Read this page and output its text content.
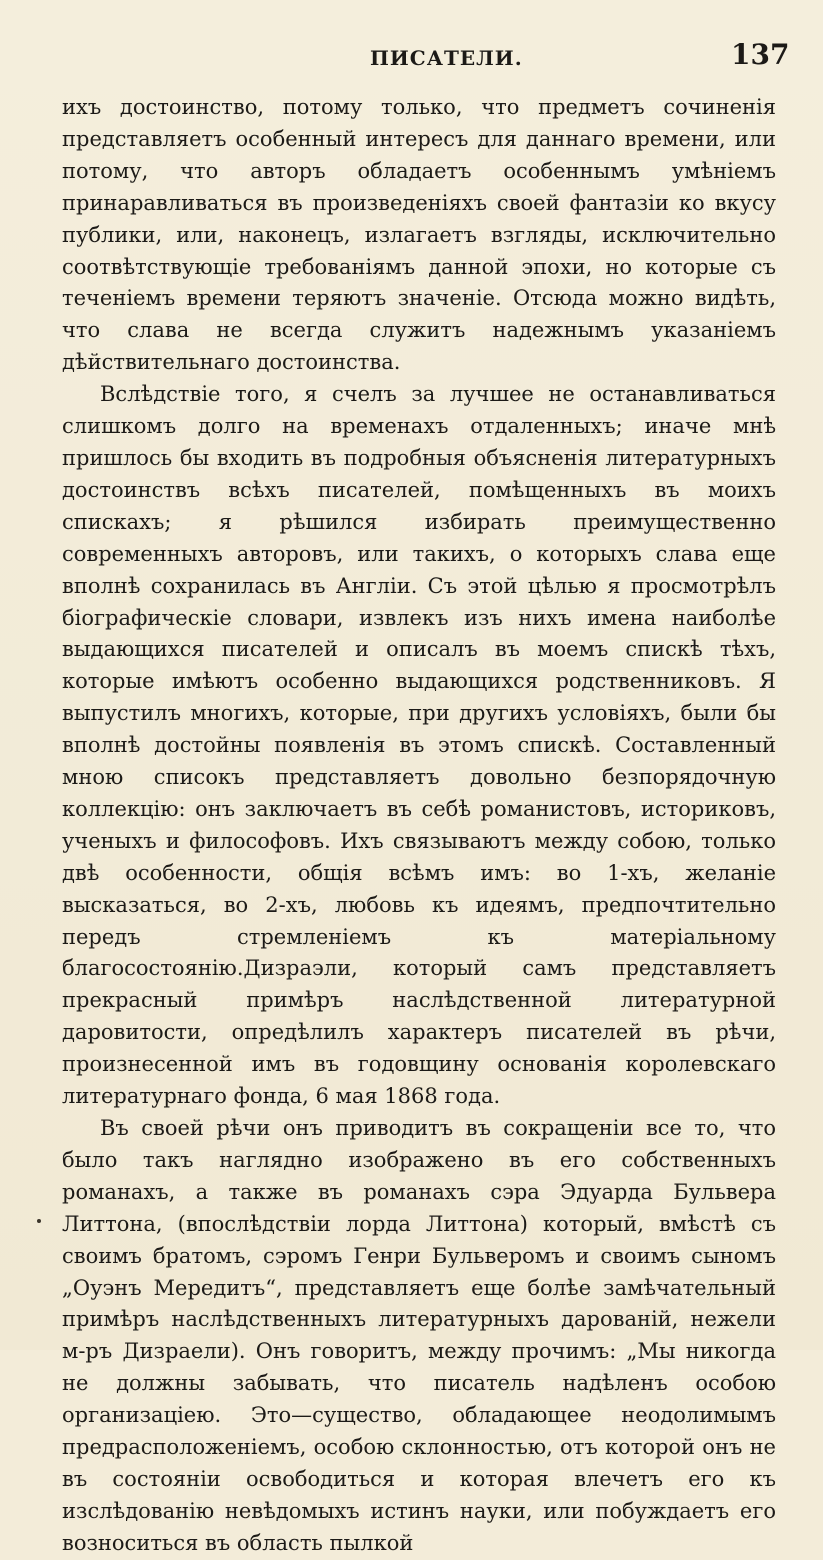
ПИСАТЕЛИ.	137

ихъ достоинство, потому только, что предметъ сочиненія представляетъ особенный интересъ для даннаго времени, или потому, что авторъ обладаетъ особеннымъ умѣніемъ принаравливаться въ произведеніяхъ своей фантазіи ко вкусу публики, или, наконецъ, излагаетъ взгляды, исключительно соотвѣтствующіе требованіямъ данной эпохи, но которые съ теченіемъ времени теряютъ значеніе. Отсюда можно видѣть, что слава не всегда служитъ надежнымъ указаніемъ дѣйствительнаго достоинства.

Вслѣдствіе того, я счелъ за лучшее не останавливаться слишкомъ долго на временахъ отдаленныхъ; иначе мнѣ пришлось бы входить въ подробныя объясненія литературныхъ достоинствъ всѣхъ писателей, помѣщенныхъ въ моихъ спискахъ; я рѣшился избирать преимущественно современныхъ авторовъ, или такихъ, о которыхъ слава еще вполнѣ сохранилась въ Англіи. Съ этой цѣлью я просмотрѣлъ біографическіе словари, извлекъ изъ нихъ имена наиболѣе выдающихся писателей и описалъ въ моемъ спискѣ тѣхъ, которые имѣютъ особенно выдающихся родственниковъ. Я выпустилъ многихъ, которые, при другихъ условіяхъ, были бы вполнѣ достойны появленія въ этомъ спискѣ. Составленный мною списокъ представляетъ довольно безпорядочную коллекцію: онъ заключаетъ въ себѣ романистовъ, историковъ, ученыхъ и философовъ. Ихъ связываютъ между собою, только двѣ особенности, общія всѣмъ имъ: во 1-хъ, желаніе высказаться, во 2-хъ, любовь къ идеямъ, предпочтительно передъ стремленіемъ къ матеріальному благосостоянію.Дизраэли, который самъ представляетъ прекрасный примѣръ наслѣдственной литературной даровитости, опредѣлилъ характеръ писателей въ рѣчи, произнесенной имъ въ годовщину основанія королевскаго литературнаго фонда, 6 мая 1868 года.

Въ своей рѣчи онъ приводитъ въ сокращеніи все то, что было такъ наглядно изображено въ его собственныхъ романахъ, а также въ романахъ сэра Эдуарда Бульвера Литтона, (впослѣдствіи лорда Литтона) который, вмѣстѣ съ своимъ братомъ, сэромъ Генри Бульверомъ и своимъ сыномъ „Оуэнъ Мередитъ“, представляетъ еще болѣе замѣчательный примѣръ наслѣдственныхъ литературныхъ дарованій, нежели м-ръ Дизраели). Онъ говоритъ, между прочимъ: „Мы никогда не должны забывать, что писатель надѣленъ особою организаціею. Это—существо, обладающее неодолимымъ предрасположеніемъ, особою склонностью, отъ которой онъ не въ состояніи освободиться и которая влечетъ его къ изслѣдованію невѣдомыхъ истинъ науки, или побуждаетъ его возноситься въ область пылкой
